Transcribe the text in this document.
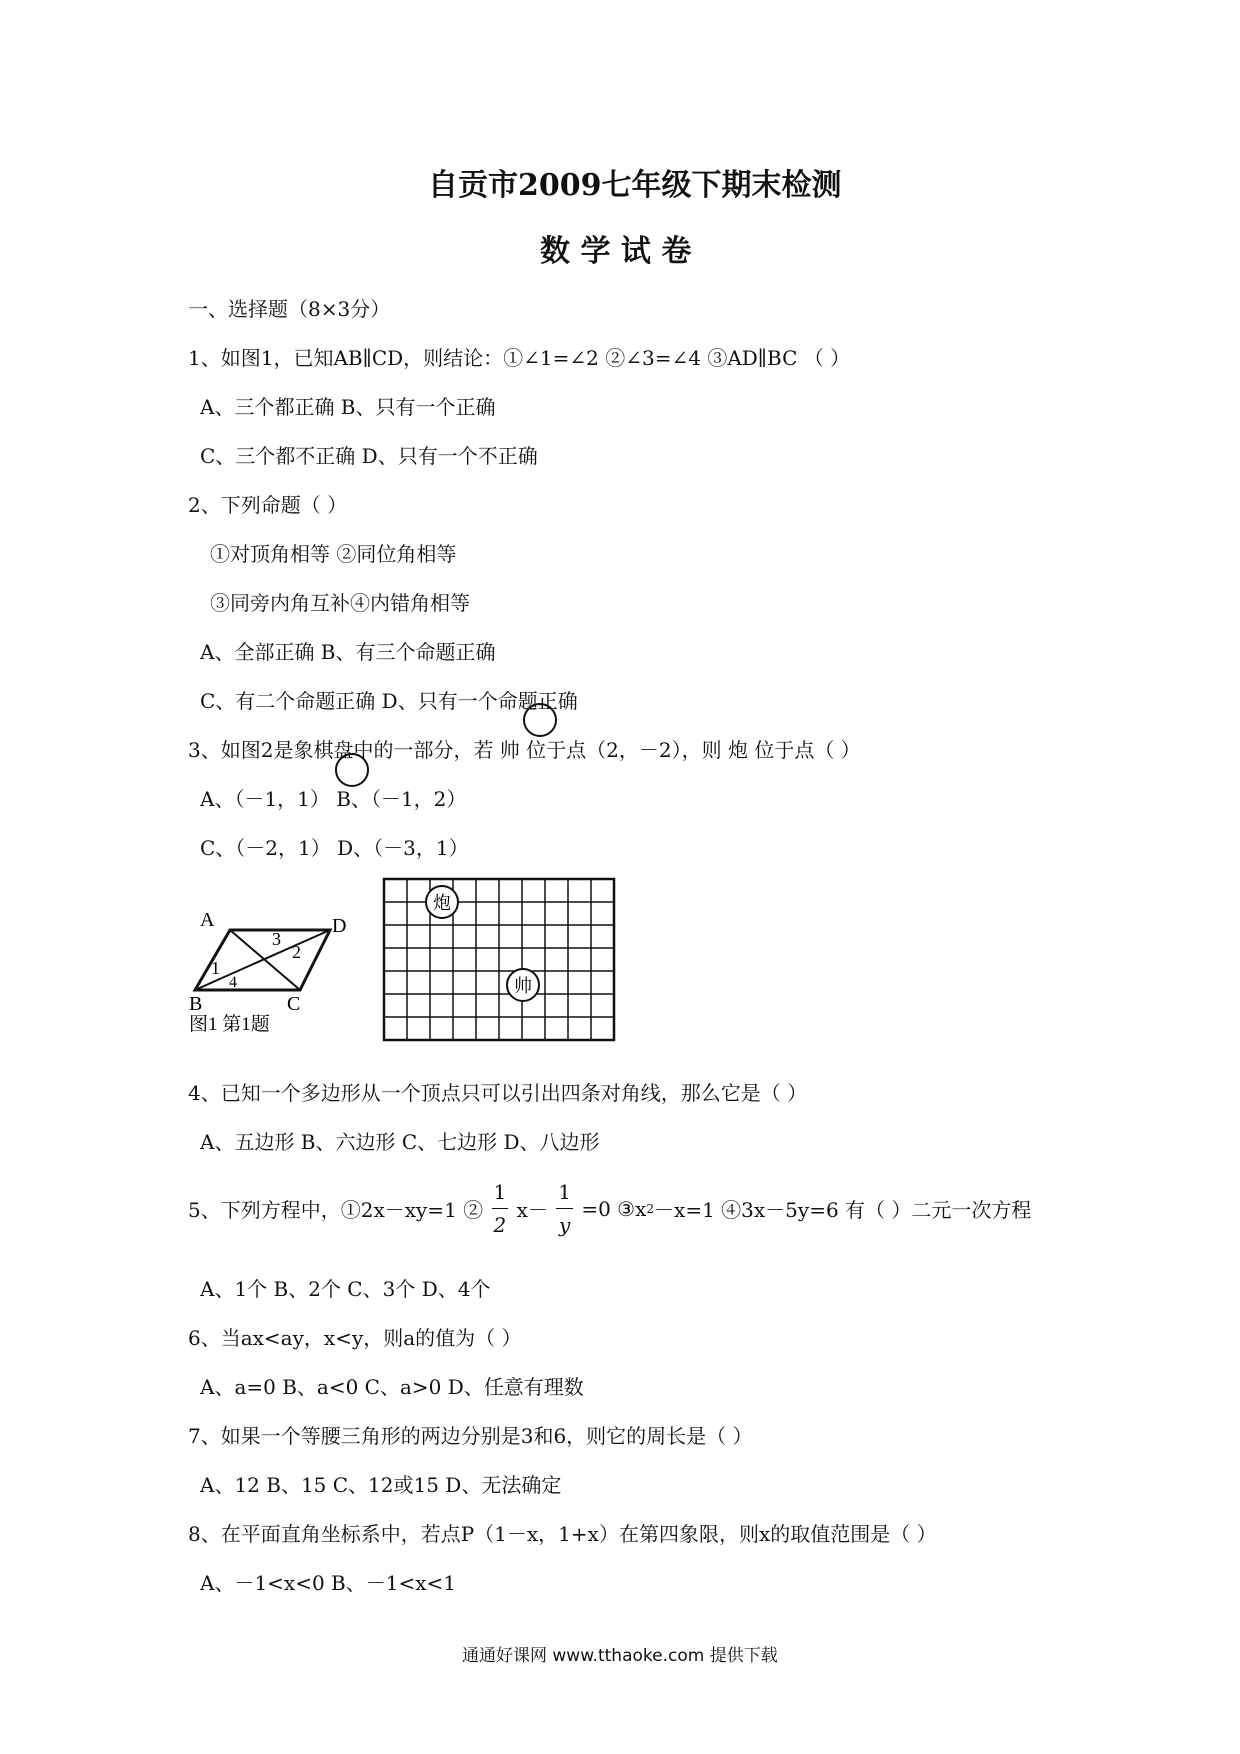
自贡市2009七年级下期末检测
数 学 试 卷
一、选择题（8×3分）
1、如图1，已知AB∥CD，则结论：①∠1=∠2 ②∠3=∠4 ③AD∥BC （ ）
A、三个都正确 B、只有一个正确
C、三个都不正确 D、只有一个不正确
2、下列命题（ ）
①对顶角相等 ②同位角相等
③同旁内角互补④内错角相等
A、全部正确 B、有三个命题正确
C、有二个命题正确 D、只有一个命题正确
3、如图2是象棋盘中的一部分，若 帅 位于点（2，－2），则 炮 位于点（ ）
A、（－1，1） B、（－1，2）
C、（－2，1） D、（－3，1）
A	D
B	C
1
2
3
4
图1 第1题
炮
帅
4、已知一个多边形从一个顶点只可以引出四条对角线，那么它是（ ）
A、五边形 B、六边形 C、七边形 D、八边形
5、下列方程中，①2x－xy=1 ② $\frac{1}{2} x- \frac{1}{y} =0$ ③x2－x=1 ④3x－5y=6 有（ ）二元一次方程
A、1个 B、2个 C、3个 D、4个
6、当ax<ay，x<y，则a的值为（ ）
A、a=0 B、a<0 C、a>0 D、任意有理数
7、如果一个等腰三角形的两边分别是3和6，则它的周长是（ ）
A、12 B、15 C、12或15 D、无法确定
8、在平面直角坐标系中，若点P（1－x，1+x）在第四象限，则x的取值范围是（ ）
A、－1<x<0 B、－1<x<1
通通好课网 www.tthaoke.com 提供下载
